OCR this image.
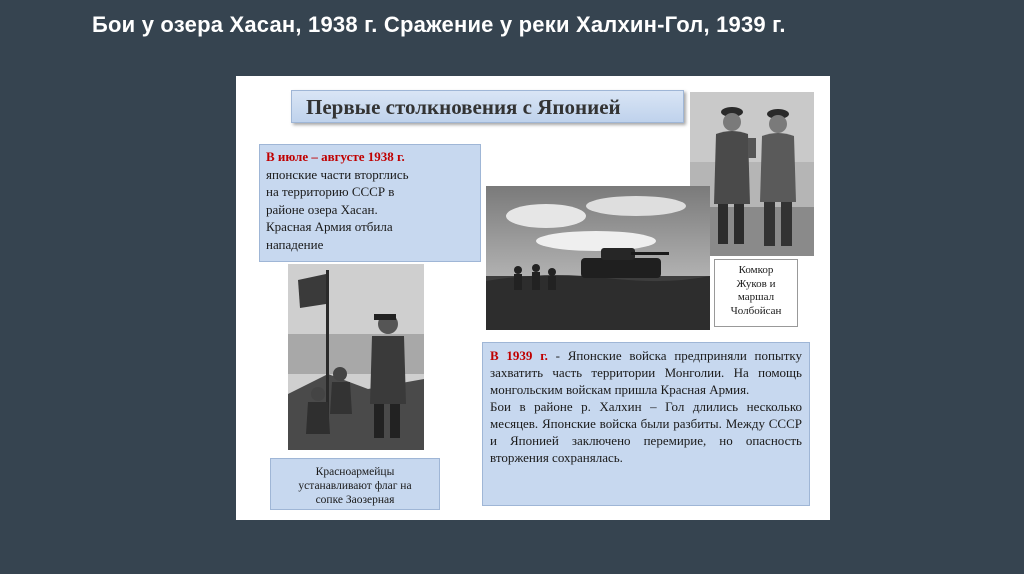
Бои у озера Хасан, 1938 г. Сражение у реки Халхин-Гол, 1939 г.
Первые столкновения с Японией
В июле – августе 1938 г.
японские части вторглись
на территорию СССР в
районе озера Хасан.
Красная Армия отбила
нападение
Комкор
Жуков и
маршал
Чолбойсан

В 1939 г. - Японские войска предприняли попытку захватить часть территории Монголии. На помощь монгольским войскам пришла Красная Армия.

Бои в районе р. Халхин – Гол длились несколько месяцев. Японские войска были разбиты. Между СССР и Японией заключено перемирие, но опасность вторжения сохранялась.

Красноармейцы
устанавливают флаг на
сопке Заозерная
